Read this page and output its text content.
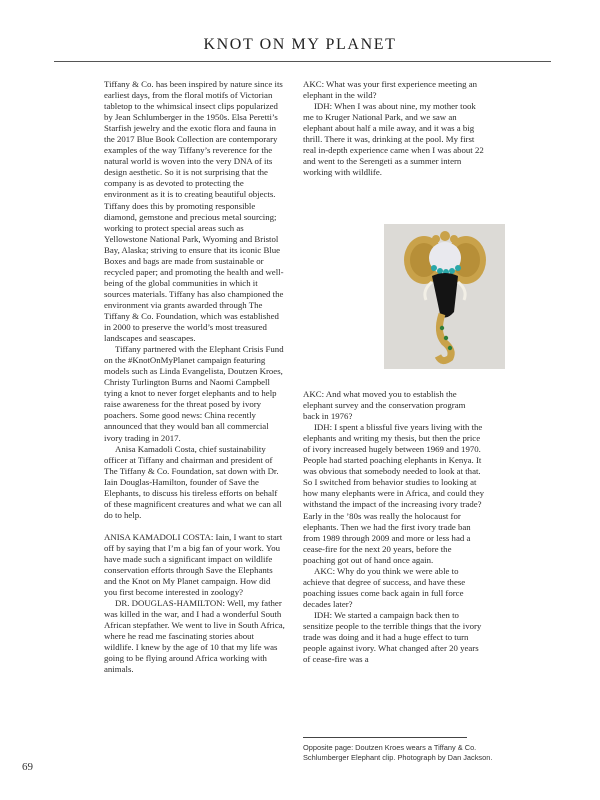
KNOT ON MY PLANET

Tiffany & Co. has been inspired by nature since its earliest days, from the floral motifs of Victorian tabletop to the whimsical insect clips popularized by Jean Schlumberger in the 1950s. Elsa Peretti’s Starfish jewelry and the exotic flora and fauna in the 2017 Blue Book Collection are contemporary examples of the way Tiffany’s reverence for the natural world is woven into the very DNA of its design aesthetic. So it is not surprising that the company is as devoted to protecting the environment as it is to creating beautiful objects. Tiffany does this by promoting responsible diamond, gemstone and precious metal sourcing; working to protect special areas such as Yellowstone National Park, Wyoming and Bristol Bay, Alaska; striving to ensure that its iconic Blue Boxes and bags are made from sustainable or recycled paper; and promoting the health and well-being of the global communities in which it sources materials. Tiffany has also championed the environment via grants awarded through The Tiffany & Co. Foundation, which was established in 2000 to preserve the world’s most treasured landscapes and seascapes.

Tiffany partnered with the Elephant Crisis Fund on the #KnotOnMyPlanet campaign featuring models such as Linda Evangelista, Doutzen Kroes, Christy Turlington Burns and Naomi Campbell tying a knot to never forget elephants and to help raise awareness for the threat posed by ivory poachers. Some good news: China recently announced that they would ban all commercial ivory trading in 2017.

Anisa Kamadoli Costa, chief sustainability officer at Tiffany and chairman and president of The Tiffany & Co. Foundation, sat down with Dr. Iain Douglas-Hamilton, founder of Save the Elephants, to discuss his tireless efforts on behalf of these magnificent creatures and what we can all do to help.

ANISA KAMADOLI COSTA: Iain, I want to start off by saying that I’m a big fan of your work. You have made such a significant impact on wildlife conservation efforts through Save the Elephants and the Knot on My Planet campaign. How did you first become interested in zoology?

DR. DOUGLAS-HAMILTON: Well, my father was killed in the war, and I had a wonderful South African stepfather. We went to live in South Africa, where he read me fascinating stories about wildlife. I knew by the age of 10 that my life was going to be flying around Africa working with animals.

AKC: What was your first experience meeting an elephant in the wild?

IDH: When I was about nine, my mother took me to Kruger National Park, and we saw an elephant about half a mile away, and it was a big thrill. There it was, drinking at the pool. My first real in-depth experience came when I was about 22 and went to the Serengeti as a summer intern working with wildlife.

AKC: And what moved you to establish the elephant survey and the conservation program back in 1976?

IDH: I spent a blissful five years living with the elephants and writing my thesis, but then the price of ivory increased hugely between 1969 and 1970. People had started poaching elephants in Kenya. It was obvious that somebody needed to look at that. So I switched from behavior studies to looking at how many elephants were in Africa, and could they withstand the impact of the increasing ivory trade? Early in the ’80s was really the holocaust for elephants. Then we had the first ivory trade ban from 1989 through 2009 and more or less had a cease-fire for the next 20 years, before the poaching got out of hand once again.

AKC: Why do you think we were able to achieve that degree of success, and have these poaching issues come back again in full force decades later?

IDH: We started a campaign back then to sensitize people to the terrible things that the ivory trade was doing and it had a huge effect to turn people against ivory. What changed after 20 years of cease-fire was a

Opposite page: Doutzen Kroes wears a Tiffany & Co. Schlumberger Elephant clip. Photograph by Dan Jackson.
69
